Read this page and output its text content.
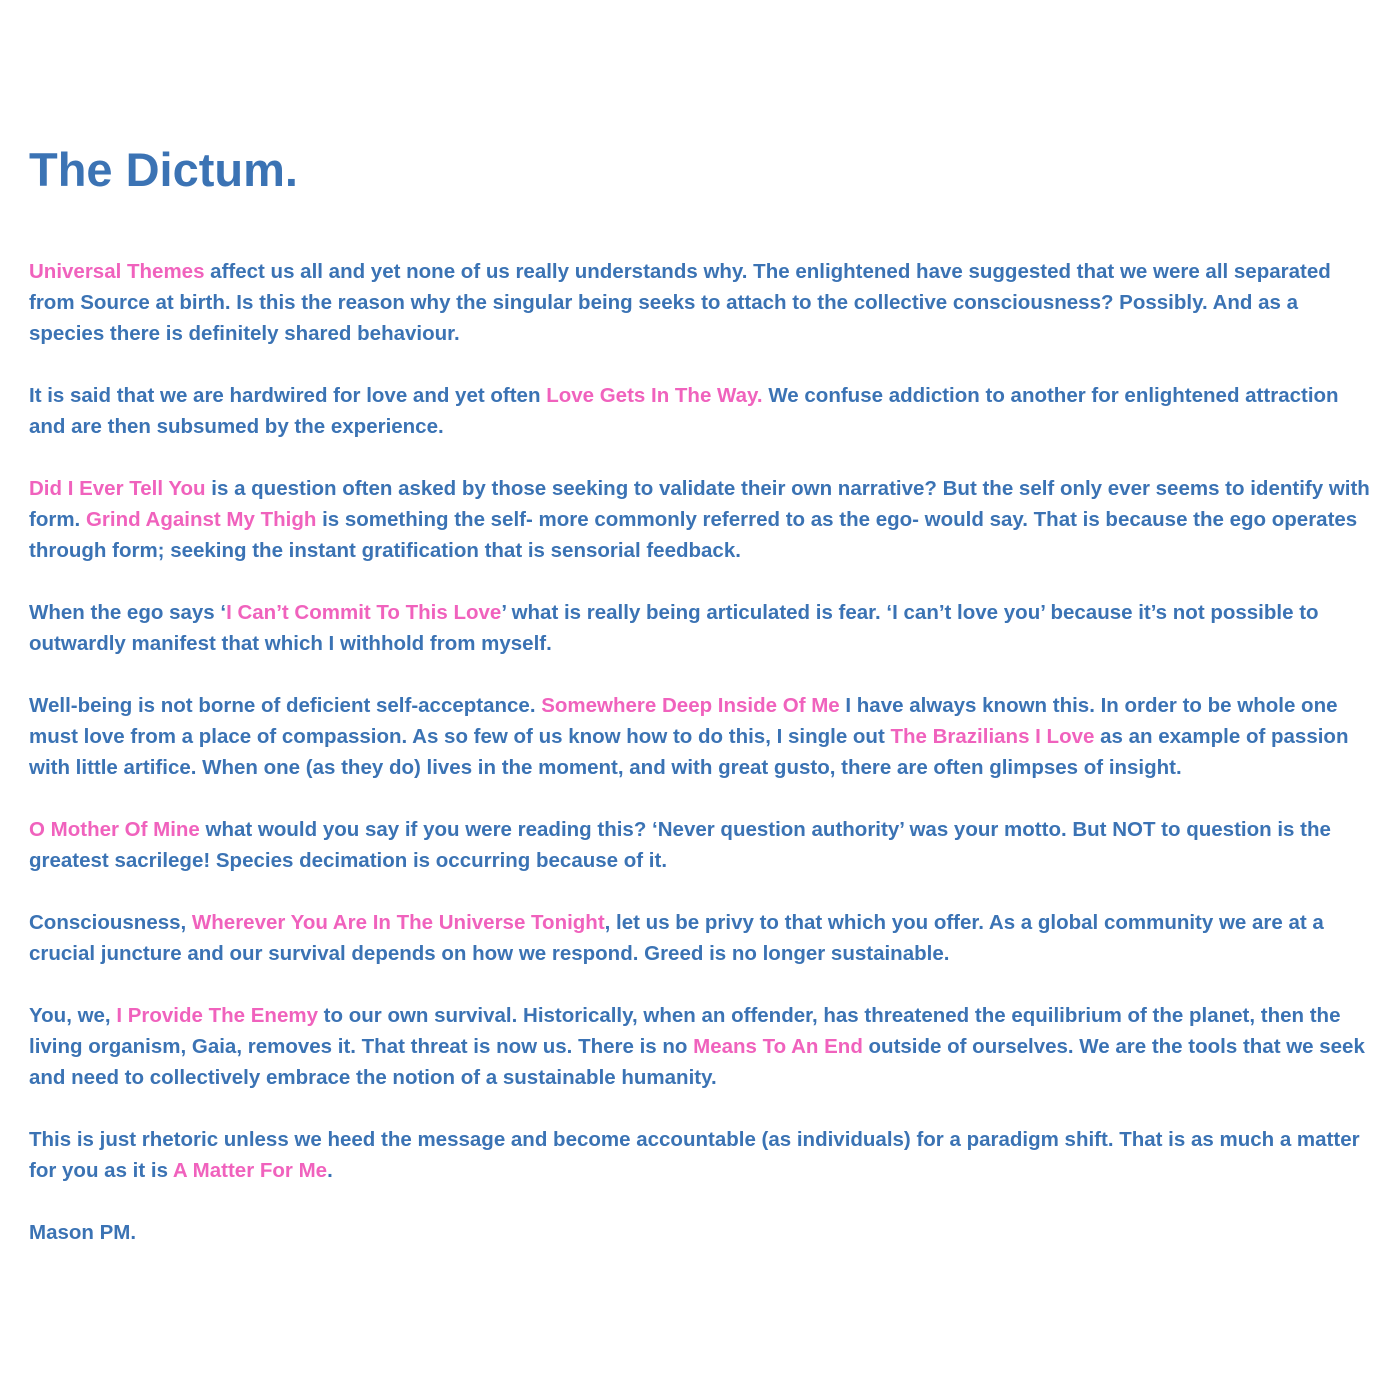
The Dictum.

Universal Themes affect us all and yet none of us really understands why. The enlightened have suggested that we were all separated from Source at birth. Is this the reason why the singular being seeks to attach to the collective consciousness? Possibly. And as a species there is definitely shared behaviour.

It is said that we are hardwired for love and yet often Love Gets In The Way. We confuse addiction to another for enlightened attraction and are then subsumed by the experience.

Did I Ever Tell You is a question often asked by those seeking to validate their own narrative? But the self only ever seems to identify with form. Grind Against My Thigh is something the self- more commonly referred to as the ego- would say. That is because the ego operates through form; seeking the instant gratification that is sensorial feedback.

When the ego says ‘I Can’t Commit To This Love’ what is really being articulated is fear. ‘I can’t love you’ because it’s not possible to outwardly manifest that which I withhold from myself.

Well-being is not borne of deficient self-acceptance. Somewhere Deep Inside Of Me I have always known this. In order to be whole one must love from a place of compassion. As so few of us know how to do this, I single out The Brazilians I Love as an example of passion with little artifice. When one (as they do) lives in the moment, and with great gusto, there are often glimpses of insight.

O Mother Of Mine what would you say if you were reading this? ‘Never question authority’ was your motto. But NOT to question is the greatest sacrilege! Species decimation is occurring because of it.

Consciousness, Wherever You Are In The Universe Tonight, let us be privy to that which you offer. As a global community we are at a crucial juncture and our survival depends on how we respond. Greed is no longer sustainable.

You, we, I Provide The Enemy to our own survival. Historically, when an offender, has threatened the equilibrium of the planet, then the living organism, Gaia, removes it. That threat is now us. There is no Means To An End outside of ourselves. We are the tools that we seek and need to collectively embrace the notion of a sustainable humanity.

This is just rhetoric unless we heed the message and become accountable (as individuals) for a paradigm shift. That is as much a matter for you as it is A Matter For Me.

Mason PM.
